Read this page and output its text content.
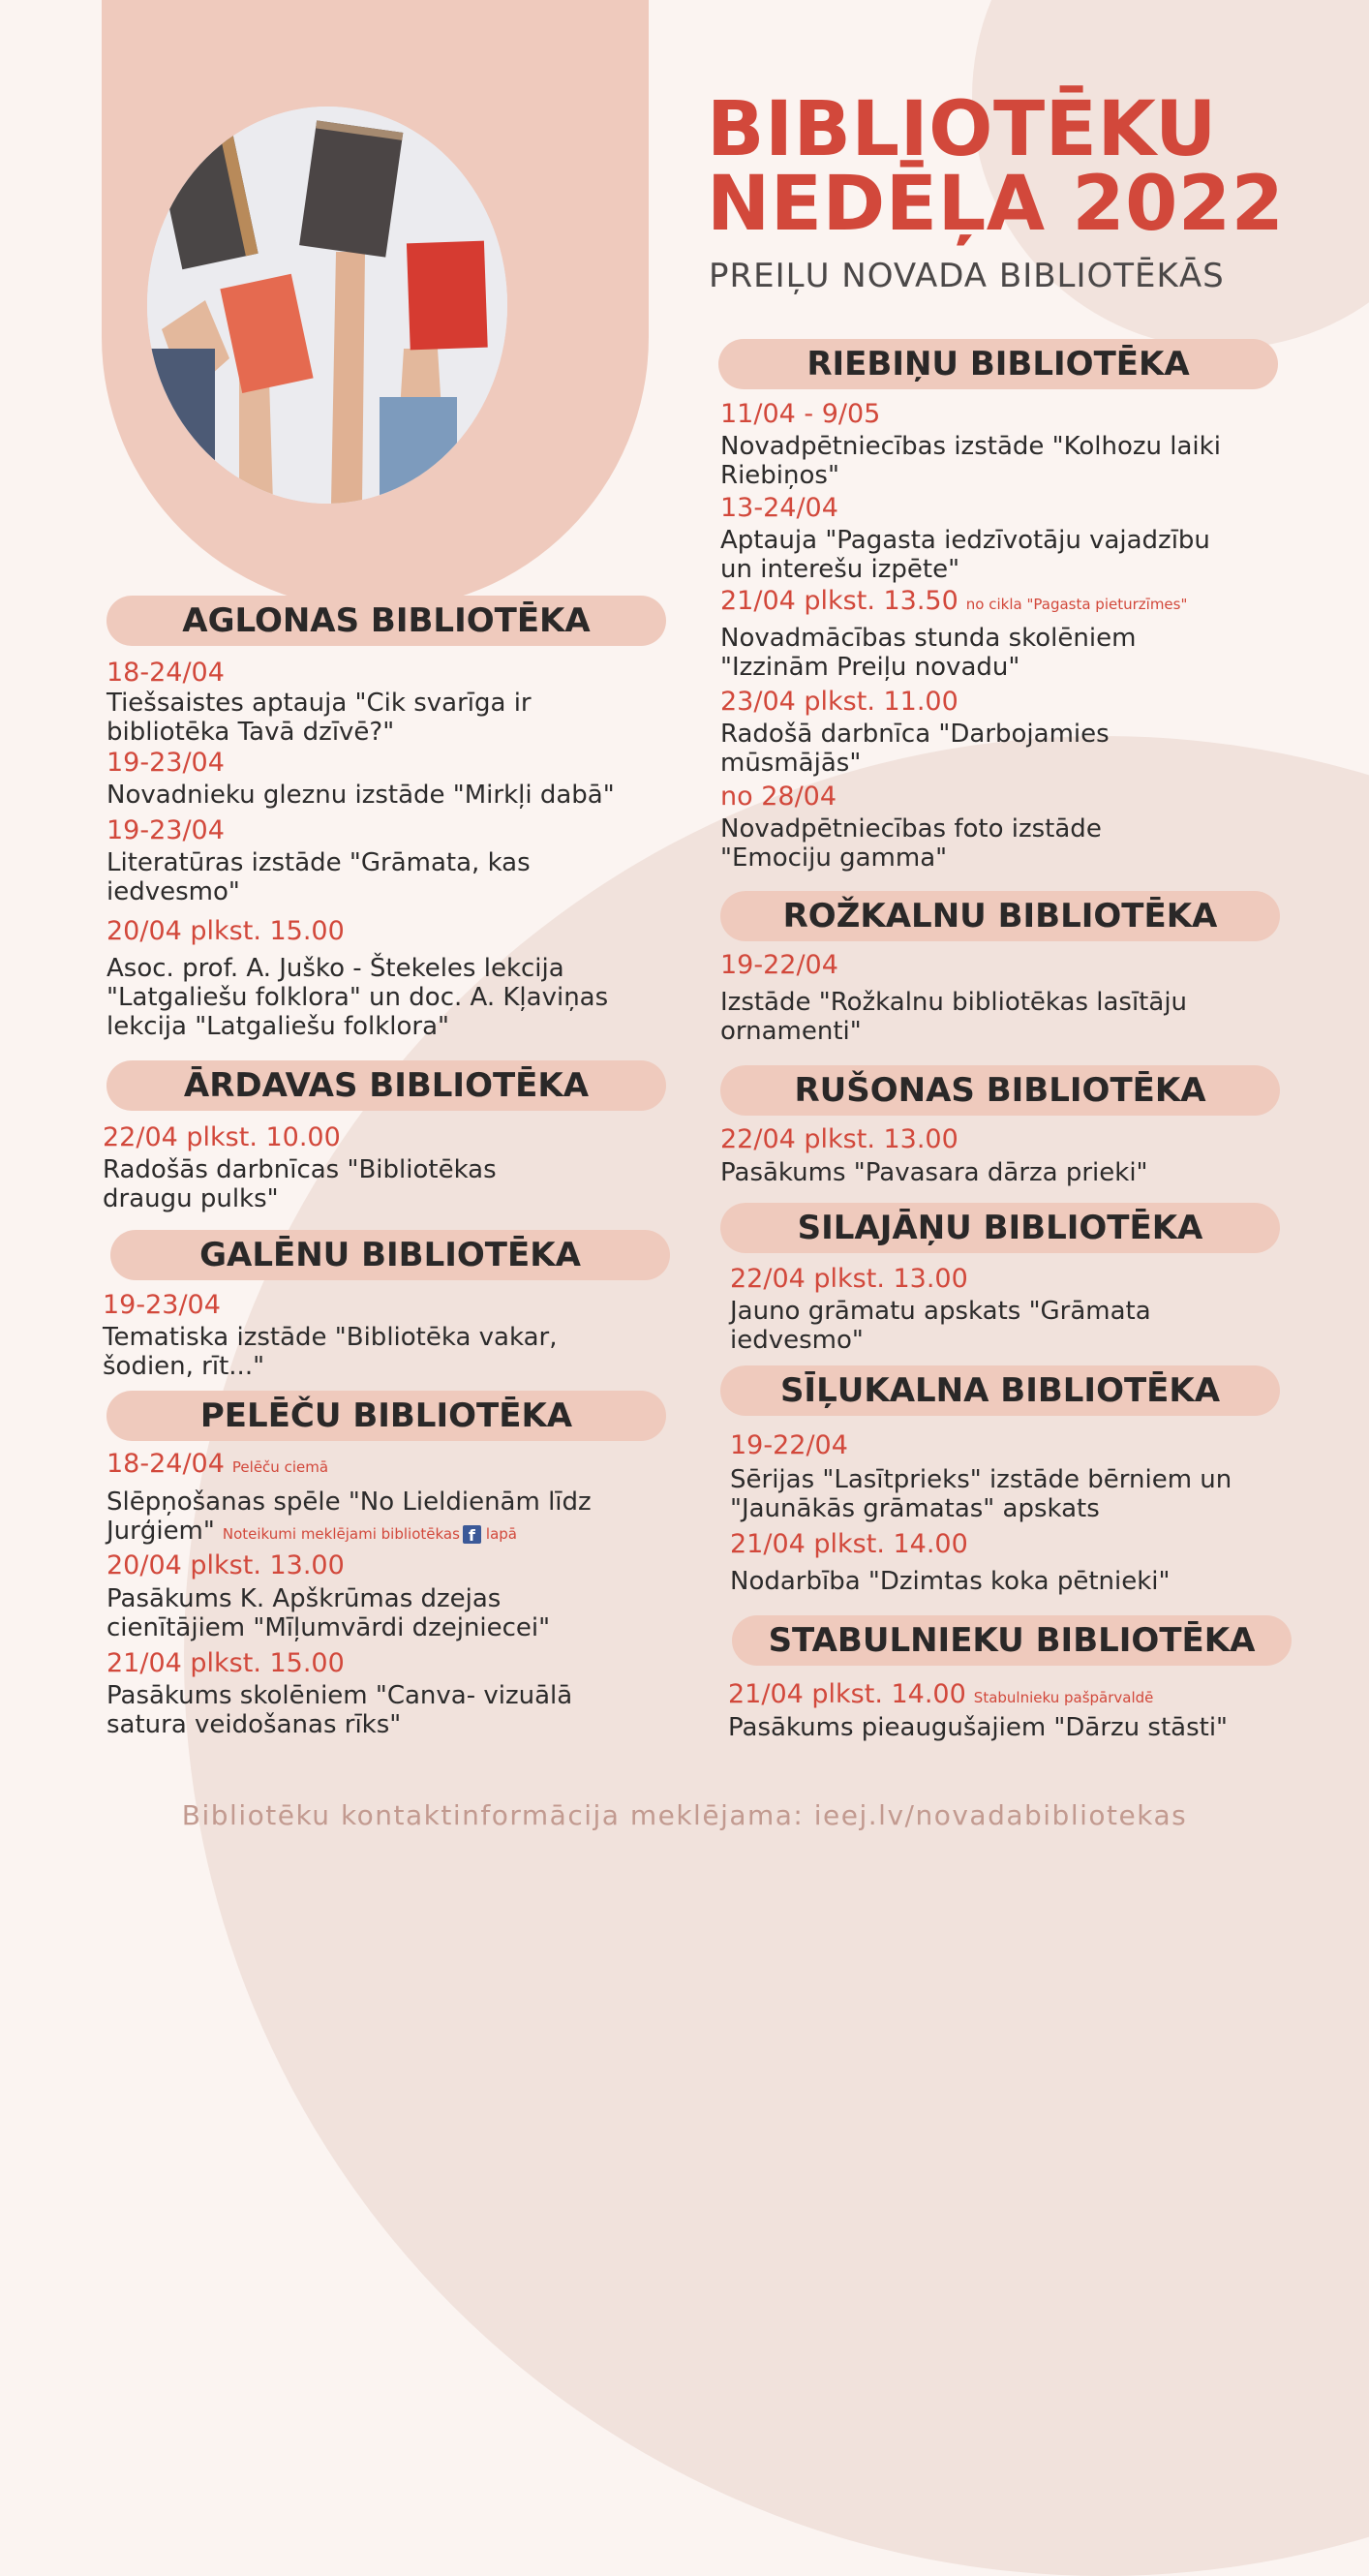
BIBLIOTĒKU
NEDĒĻA 2022
PREIĻU NOVADA BIBLIOTĒKĀS
AGLONAS BIBLIOTĒKA
18-24/04
Tiešsaistes aptauja "Cik svarīga ir
bibliotēka Tavā dzīvē?"
19-23/04
Novadnieku gleznu izstāde "Mirkļi dabā"
19-23/04
Literatūras izstāde "Grāmata, kas
iedvesmo"
20/04 plkst. 15.00
Asoc. prof. A. Juško - Štekeles lekcija
"Latgaliešu folklora" un doc. A. Kļaviņas
lekcija "Latgaliešu folklora"
ĀRDAVAS BIBLIOTĒKA
22/04 plkst. 10.00
Radošās darbnīcas "Bibliotēkas
draugu pulks"
GALĒNU BIBLIOTĒKA
19-23/04
Tematiska izstāde "Bibliotēka vakar,
šodien, rīt..."
PELĒČU BIBLIOTĒKA
18-24/04 Pelēču ciemā
Slēpņošanas spēle "No Lieldienām līdz
Jurģiem" Noteikumi meklējami bibliotēkas f lapā
20/04 plkst. 13.00
Pasākums K. Apškrūmas dzejas
cienītājiem "Mīļumvārdi dzejniecei"
21/04 plkst. 15.00
Pasākums skolēniem "Canva- vizuālā
satura veidošanas rīks"
RIEBIŅU BIBLIOTĒKA
11/04 - 9/05
Novadpētniecības izstāde "Kolhozu laiki
Riebiņos"
13-24/04
Aptauja "Pagasta iedzīvotāju vajadzību
un interešu izpēte"
21/04 plkst. 13.50 no cikla "Pagasta pieturzīmes"
Novadmācības stunda skolēniem
"Izzinām Preiļu novadu"
23/04 plkst. 11.00
Radošā darbnīca "Darbojamies
mūsmājās"
no 28/04
Novadpētniecības foto izstāde
"Emociju gamma"
ROŽKALNU BIBLIOTĒKA
19-22/04
Izstāde "Rožkalnu bibliotēkas lasītāju
ornamenti"
RUŠONAS BIBLIOTĒKA
22/04 plkst. 13.00
Pasākums "Pavasara dārza prieki"
SILAJĀŅU BIBLIOTĒKA
22/04 plkst. 13.00
Jauno grāmatu apskats "Grāmata
iedvesmo"
SĪĻUKALNA BIBLIOTĒKA
19-22/04
Sērijas "Lasītprieks" izstāde bērniem un
"Jaunākās grāmatas" apskats
21/04 plkst. 14.00
Nodarbība "Dzimtas koka pētnieki"
STABULNIEKU BIBLIOTĒKA
21/04 plkst. 14.00 Stabulnieku pašpārvaldē
Pasākums pieaugušajiem "Dārzu stāsti"
Bibliotēku kontaktinformācija meklējama: ieej.lv/novadabibliotekas
